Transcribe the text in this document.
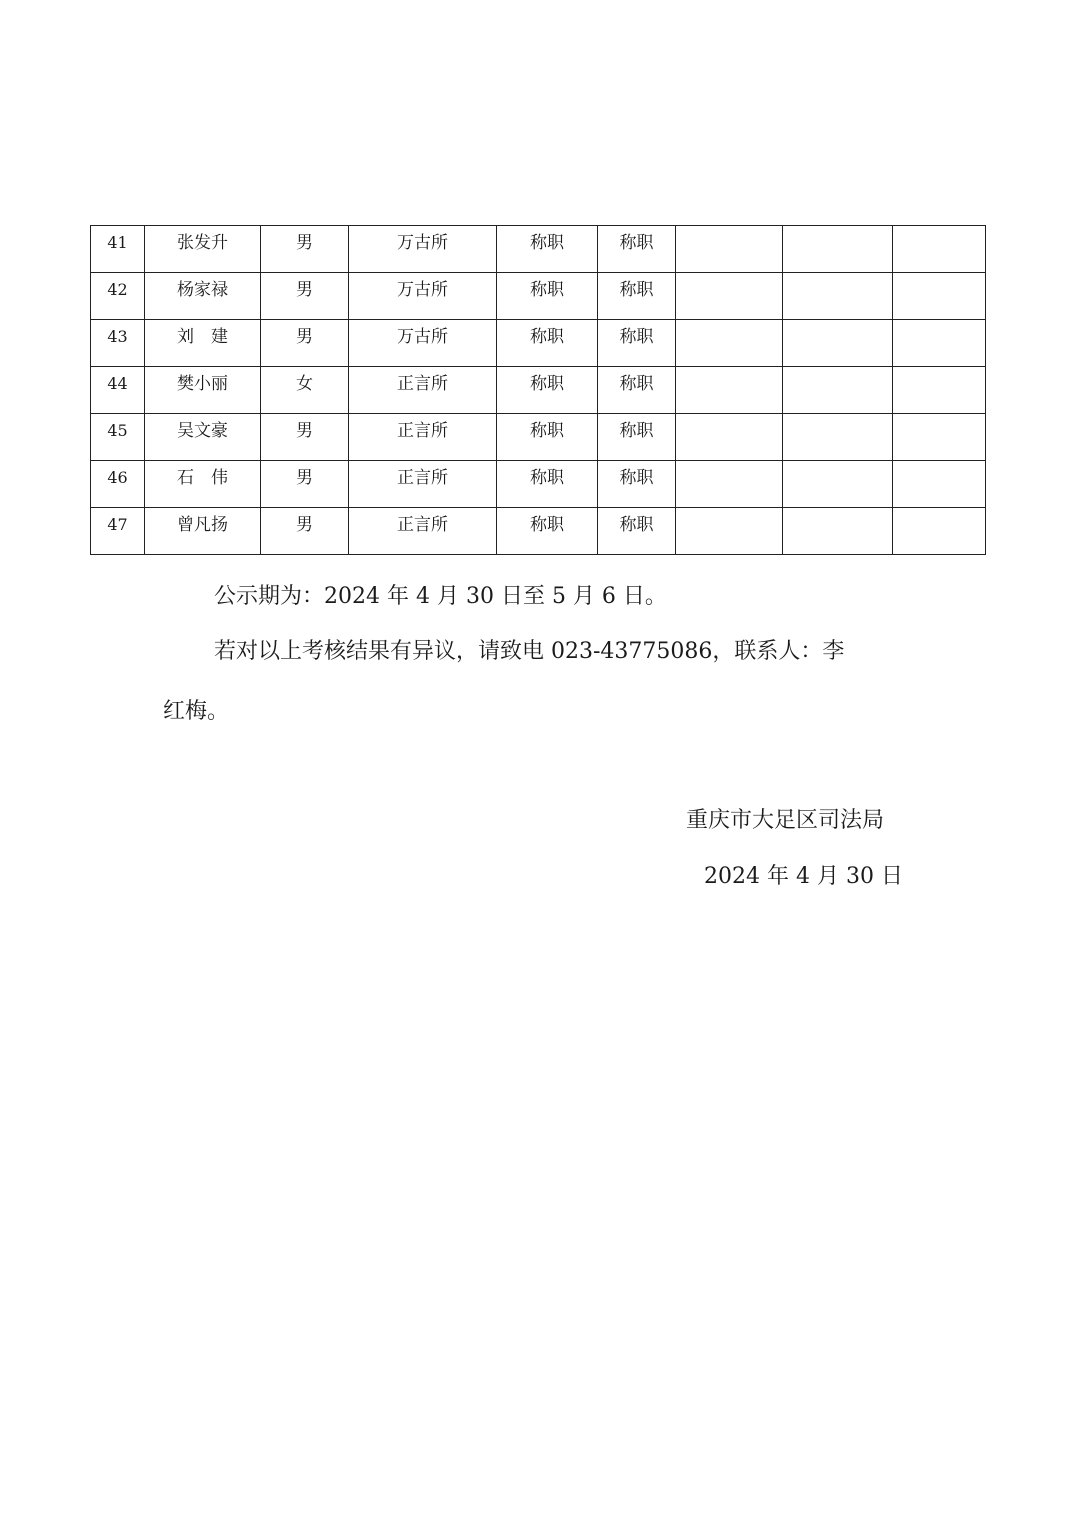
41	张发升	男	万古所	称职	称职			
42	杨家禄	男	万古所	称职	称职			
43	刘　建	男	万古所	称职	称职			
44	樊小丽	女	正言所	称职	称职			
45	吴文豪	男	正言所	称职	称职			
46	石　伟	男	正言所	称职	称职			
47	曾凡扬	男	正言所	称职	称职			
公示期为：2024 年 4 月 30 日至 5 月 6 日。
若对以上考核结果有异议，请致电 023-43775086，联系人：李
红梅。
重庆市大足区司法局
2024 年 4 月 30 日
